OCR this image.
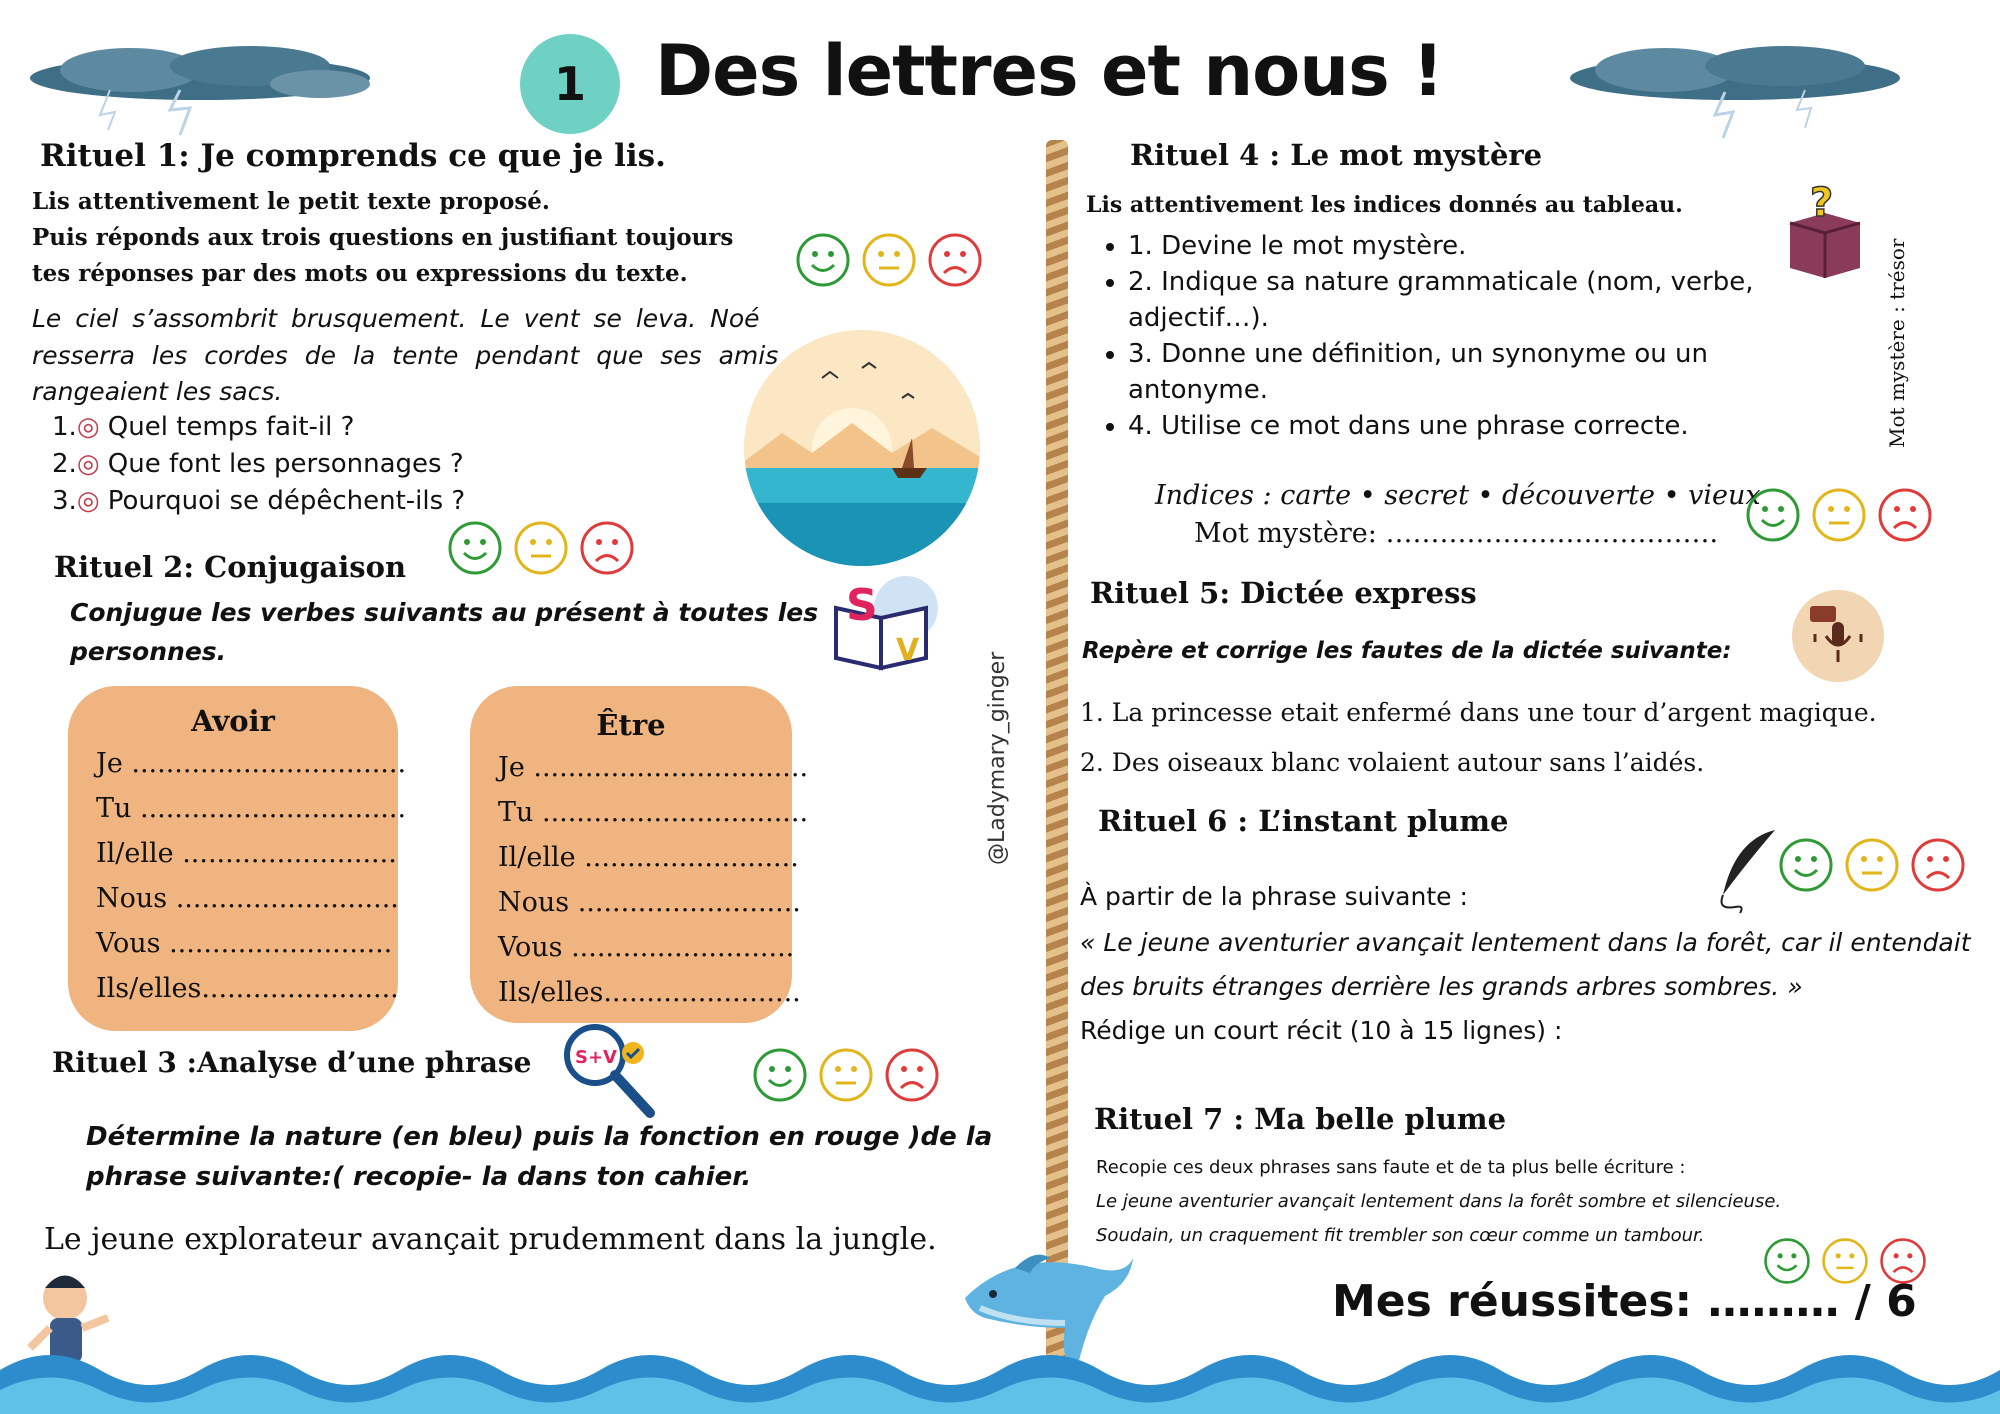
1 Des lettres et nous !
@Ladymary_ginger
Mot mystère : trésor
Rituel 1: Je comprends ce que je lis.
Lis attentivement le petit texte proposé.
Puis réponds aux trois questions en justifiant toujours
tes réponses par des mots ou expressions du texte.
Le ciel s’assombrit brusquement. Le vent se leva. Noé
resserra les cordes de la tente pendant que ses amis
rangeaient les sacs.
1.◎ Quel temps fait-il ?
2.◎ Que font les personnages ?
3.◎ Pourquoi se dépêchent-ils ?
Rituel 2: Conjugaison
Conjugue les verbes suivants au présent à toutes les
personnes.
S
V
Avoir
Je ................................
Tu ...............................
Il/elle .........................
Nous ..........................
Vous ..........................
Ils/elles.......................
Être
Je ................................
Tu ...............................
Il/elle .........................
Nous ..........................
Vous ..........................
Ils/elles.......................
Rituel 3 :Analyse d’une phrase S+V
Détermine la nature (en bleu) puis la fonction en rouge )de la
phrase suivante:( recopie- la dans ton cahier.
Le jeune explorateur avançait prudemment dans la jungle.
Rituel 4 : Le mot mystère
Lis attentivement les indices donnés au tableau.
• 1. Devine le mot mystère.
• 2. Indique sa nature grammaticale (nom, verbe,
adjectif…).
• 3. Donne une définition, un synonyme ou un
antonyme.
• 4. Utilise ce mot dans une phrase correcte.
?
Indices : carte • secret • découverte • vieux
Mot mystère: ……………………………….
Rituel 5: Dictée express
Repère et corrige les fautes de la dictée suivante:
1. La princesse etait enfermé dans une tour d’argent magique.
2. Des oiseaux blanc volaient autour sans l’aidés.
Rituel 6 : L’instant plume
À partir de la phrase suivante :
« Le jeune aventurier avançait lentement dans la forêt, car il entendait
des bruits étranges derrière les grands arbres sombres. »
Rédige un court récit (10 à 15 lignes) :
Rituel 7 : Ma belle plume
Recopie ces deux phrases sans faute et de ta plus belle écriture :
Le jeune aventurier avançait lentement dans la forêt sombre et silencieuse.
Soudain, un craquement fit trembler son cœur comme un tambour.
Mes réussites: ……… / 6
